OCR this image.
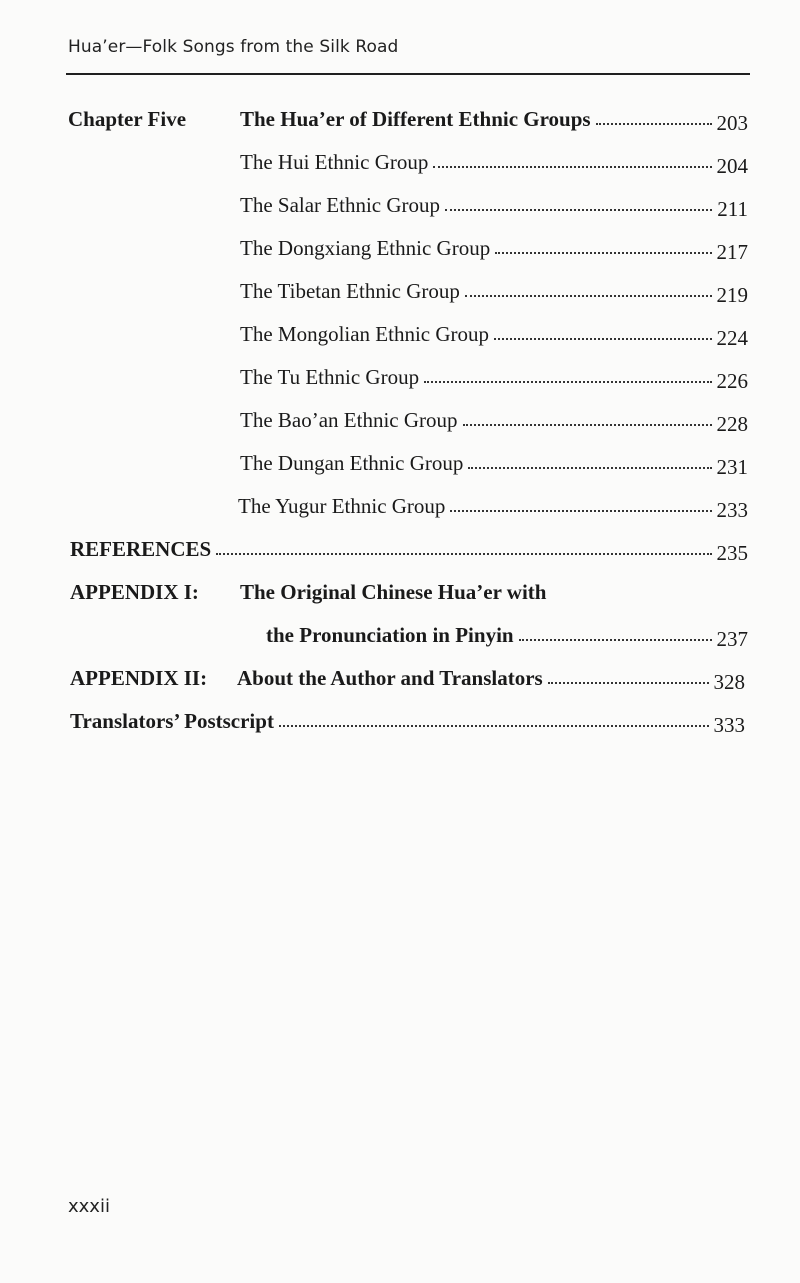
Hua’er—Folk Songs from the Silk Road
Chapter Five	The Hua’er of Different Ethnic Groups	203
The Hui Ethnic Group	204
The Salar Ethnic Group	211
The Dongxiang Ethnic Group	217
The Tibetan Ethnic Group	219
The Mongolian Ethnic Group	224
The Tu Ethnic Group	226
The Bao’an Ethnic Group	228
The Dungan Ethnic Group	231
The Yugur Ethnic Group	233
REFERENCES	235
APPENDIX I: The Original Chinese Hua’er with
the Pronunciation in Pinyin	237
APPENDIX II: About the Author and Translators	328
Translators’ Postscript	333
xxxii
